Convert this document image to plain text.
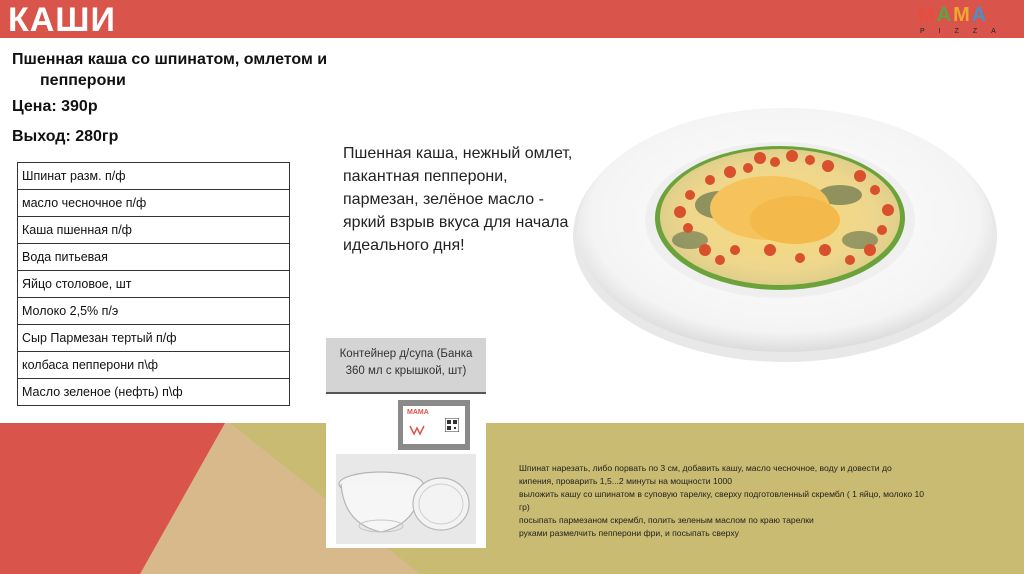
КАШИ	М А М А
PIZZA
Пшенная каша со шпинатом, омлетом и
пепперони
Цена: 390р
Выход: 280гр
Шпинат разм. п/ф
масло чесночное п/ф
Каша пшенная п/ф
Вода питьевая
Яйцо столовое, шт
Молоко 2,5% п/э
Сыр Пармезан тертый п/ф
колбаса пепперони п\ф
Масло зеленое (нефть) п\ф
Пшенная каша, нежный омлет, пакантная пепперони, пармезан, зелёное масло - яркий взрыв вкуса для начала идеального дня!
Контейнер д/супа (Банка
360 мл с крышкой, шт)
МАМА
Шпинат нарезать, либо порвать по 3 см, добавить кашу, масло чесночное, воду и довести до
кипения, проварить 1,5...2 минуты на мощности 1000
выложить кашу со шпинатом в суповую тарелку, сверху подготовленный скрембл ( 1 яйцо, молоко 10
гр)
посыпать пармезаном скрембл, полить зеленым маслом по краю тарелки
руками размелчить пепперони фри, и посыпать сверху
